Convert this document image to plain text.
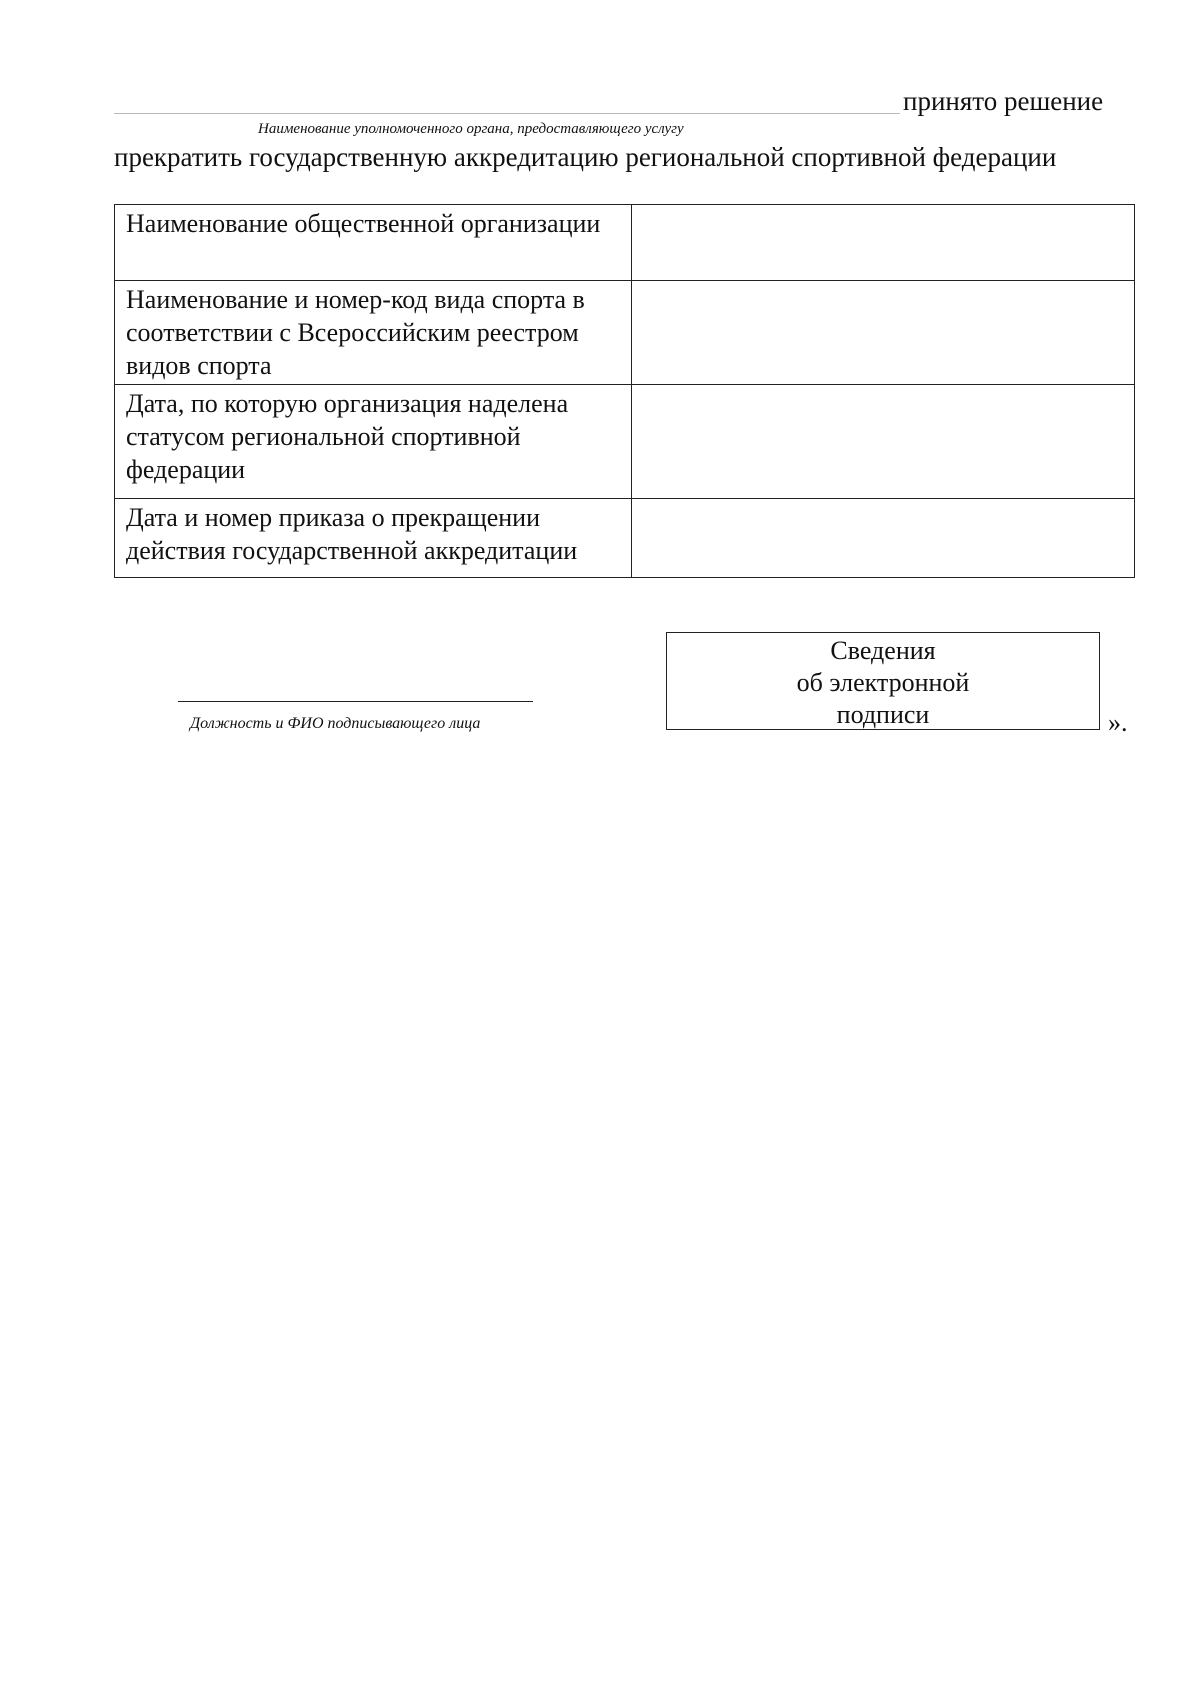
принято решение
Наименование уполномоченного органа, предоставляющего услугу
прекратить государственную аккредитацию региональной спортивной федерации
Наименование общественной организации	
Наименование и номер-код вида спорта в соответствии с Всероссийским реестром видов спорта	
Дата, по которую организация наделена статусом региональной спортивной федерации	
Дата и номер приказа о прекращении действия государственной аккредитации	
Должность и ФИО подписывающего лица
Сведения
об электронной
подписи	».
